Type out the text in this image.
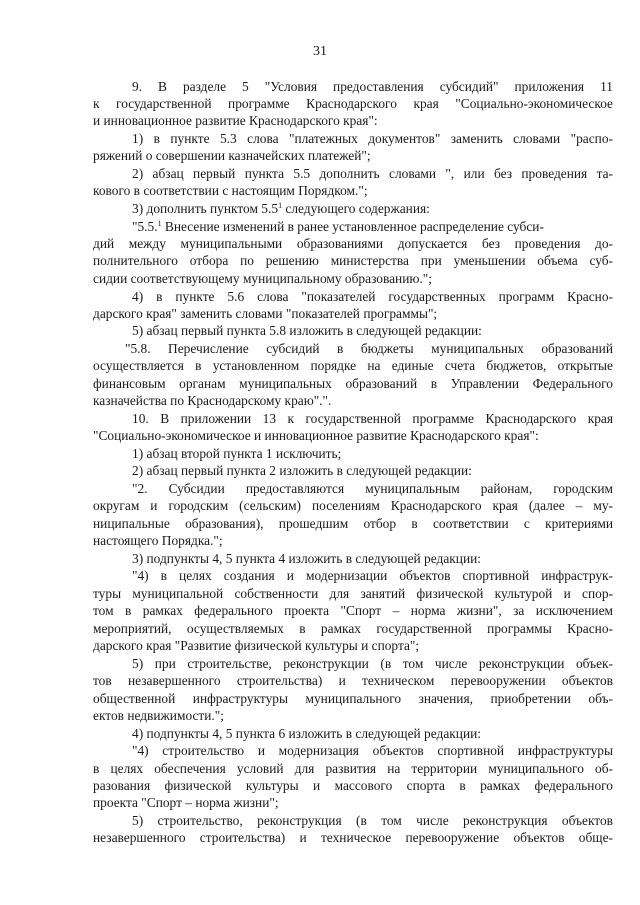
31
9. В разделе 5 "Условия предоставления субсидий" приложения 11
к государственной программе Краснодарского края "Социально-экономическое
и инновационное развитие Краснодарского края":
1) в пункте 5.3 слова "платежных документов" заменить словами "распо-
ряжений о совершении казначейских платежей";
2) абзац первый пункта 5.5 дополнить словами ", или без проведения та-
кового в соответствии с настоящим Порядком.";
3) дополнить пунктом $5.5^1$ следующего содержания:
"5.5.$^1$ Внесение изменений в ранее установленное распределение субси-
дий между муниципальными образованиями допускается без проведения до-
полнительного отбора по решению министерства при уменьшении объема суб-
сидии соответствующему муниципальному образованию.";
4) в пункте 5.6 слова "показателей государственных программ Красно-
дарского края" заменить словами "показателей программы";
5) абзац первый пункта 5.8 изложить в следующей редакции:
"5.8. Перечисление субсидий в бюджеты муниципальных образований
осуществляется в установленном порядке на единые счета бюджетов, открытые
финансовым органам муниципальных образований в Управлении Федерального
казначейства по Краснодарскому краю".".
10. В приложении 13 к государственной программе Краснодарского края
"Социально-экономическое и инновационное развитие Краснодарского края":
1) абзац второй пункта 1 исключить;
2) абзац первый пункта 2 изложить в следующей редакции:
"2. Субсидии предоставляются муниципальным районам, городским
округам и городским (сельским) поселениям Краснодарского края (далее – му-
ниципальные образования), прошедшим отбор в соответствии с критериями
настоящего Порядка.";
3) подпункты 4, 5 пункта 4 изложить в следующей редакции:
"4) в целях создания и модернизации объектов спортивной инфраструк-
туры муниципальной собственности для занятий физической культурой и спор-
том в рамках федерального проекта "Спорт – норма жизни", за исключением
мероприятий, осуществляемых в рамках государственной программы Красно-
дарского края "Развитие физической культуры и спорта";
5) при строительстве, реконструкции (в том числе реконструкции объек-
тов незавершенного строительства) и техническом перевооружении объектов
общественной инфраструктуры муниципального значения, приобретении объ-
ектов недвижимости.";
4) подпункты 4, 5 пункта 6 изложить в следующей редакции:
"4) строительство и модернизация объектов спортивной инфраструктуры
в целях обеспечения условий для развития на территории муниципального об-
разования физической культуры и массового спорта в рамках федерального
проекта "Спорт – норма жизни";
5) строительство, реконструкция (в том числе реконструкция объектов
незавершенного строительства) и техническое перевооружение объектов обще-
